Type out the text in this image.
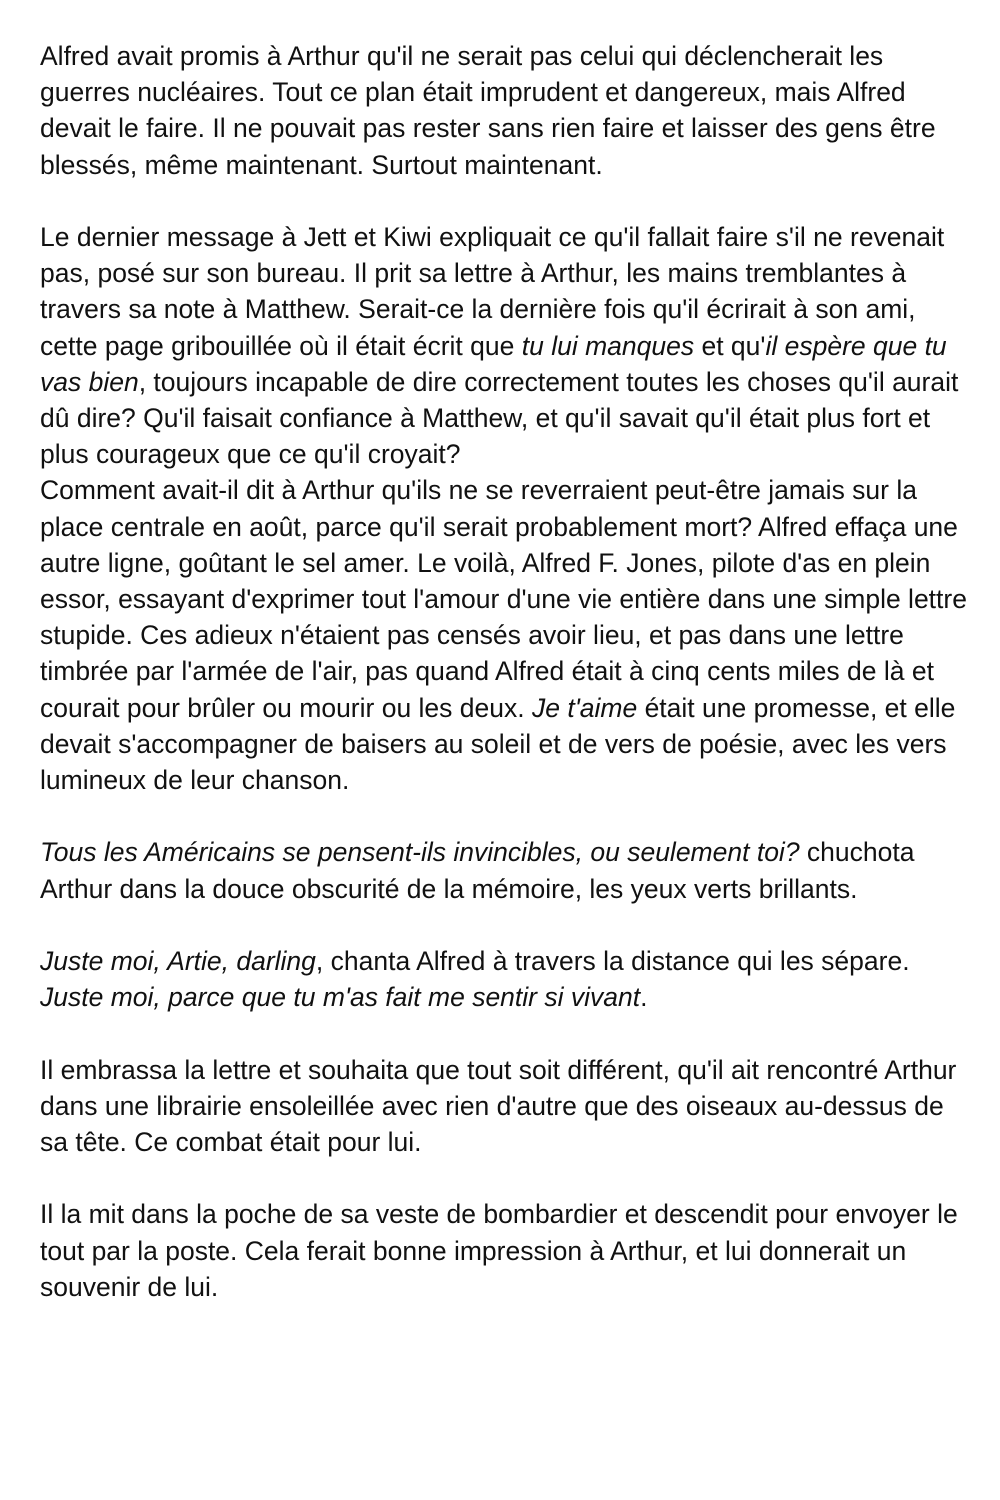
Alfred avait promis à Arthur qu'il ne serait pas celui qui déclencherait les guerres nucléaires. Tout ce plan était imprudent et dangereux, mais Alfred devait le faire. Il ne pouvait pas rester sans rien faire et laisser des gens être blessés, même maintenant. Surtout maintenant.

Le dernier message à Jett et Kiwi expliquait ce qu'il fallait faire s'il ne revenait pas, posé sur son bureau. Il prit sa lettre à Arthur, les mains tremblantes à travers sa note à Matthew. Serait-ce la dernière fois qu'il écrirait à son ami, cette page gribouillée où il était écrit que tu lui manques et qu'il espère que tu vas bien, toujours incapable de dire correctement toutes les choses qu'il aurait dû dire? Qu'il faisait confiance à Matthew, et qu'il savait qu'il était plus fort et plus courageux que ce qu'il croyait?

Comment avait-il dit à Arthur qu'ils ne se reverraient peut-être jamais sur la place centrale en août, parce qu'il serait probablement mort? Alfred effaça une autre ligne, goûtant le sel amer. Le voilà, Alfred F. Jones, pilote d'as en plein essor, essayant d'exprimer tout l'amour d'une vie entière dans une simple lettre stupide. Ces adieux n'étaient pas censés avoir lieu, et pas dans une lettre timbrée par l'armée de l'air, pas quand Alfred était à cinq cents miles de là et courait pour brûler ou mourir ou les deux. Je t'aime était une promesse, et elle devait s'accompagner de baisers au soleil et de vers de poésie, avec les vers lumineux de leur chanson.

Tous les Américains se pensent-ils invincibles, ou seulement toi? chuchota Arthur dans la douce obscurité de la mémoire, les yeux verts brillants.

Juste moi, Artie, darling, chanta Alfred à travers la distance qui les sépare. Juste moi, parce que tu m'as fait me sentir si vivant.

Il embrassa la lettre et souhaita que tout soit différent, qu'il ait rencontré Arthur dans une librairie ensoleillée avec rien d'autre que des oiseaux au-dessus de sa tête. Ce combat était pour lui.

Il la mit dans la poche de sa veste de bombardier et descendit pour envoyer le tout par la poste. Cela ferait bonne impression à Arthur, et lui donnerait un souvenir de lui.
